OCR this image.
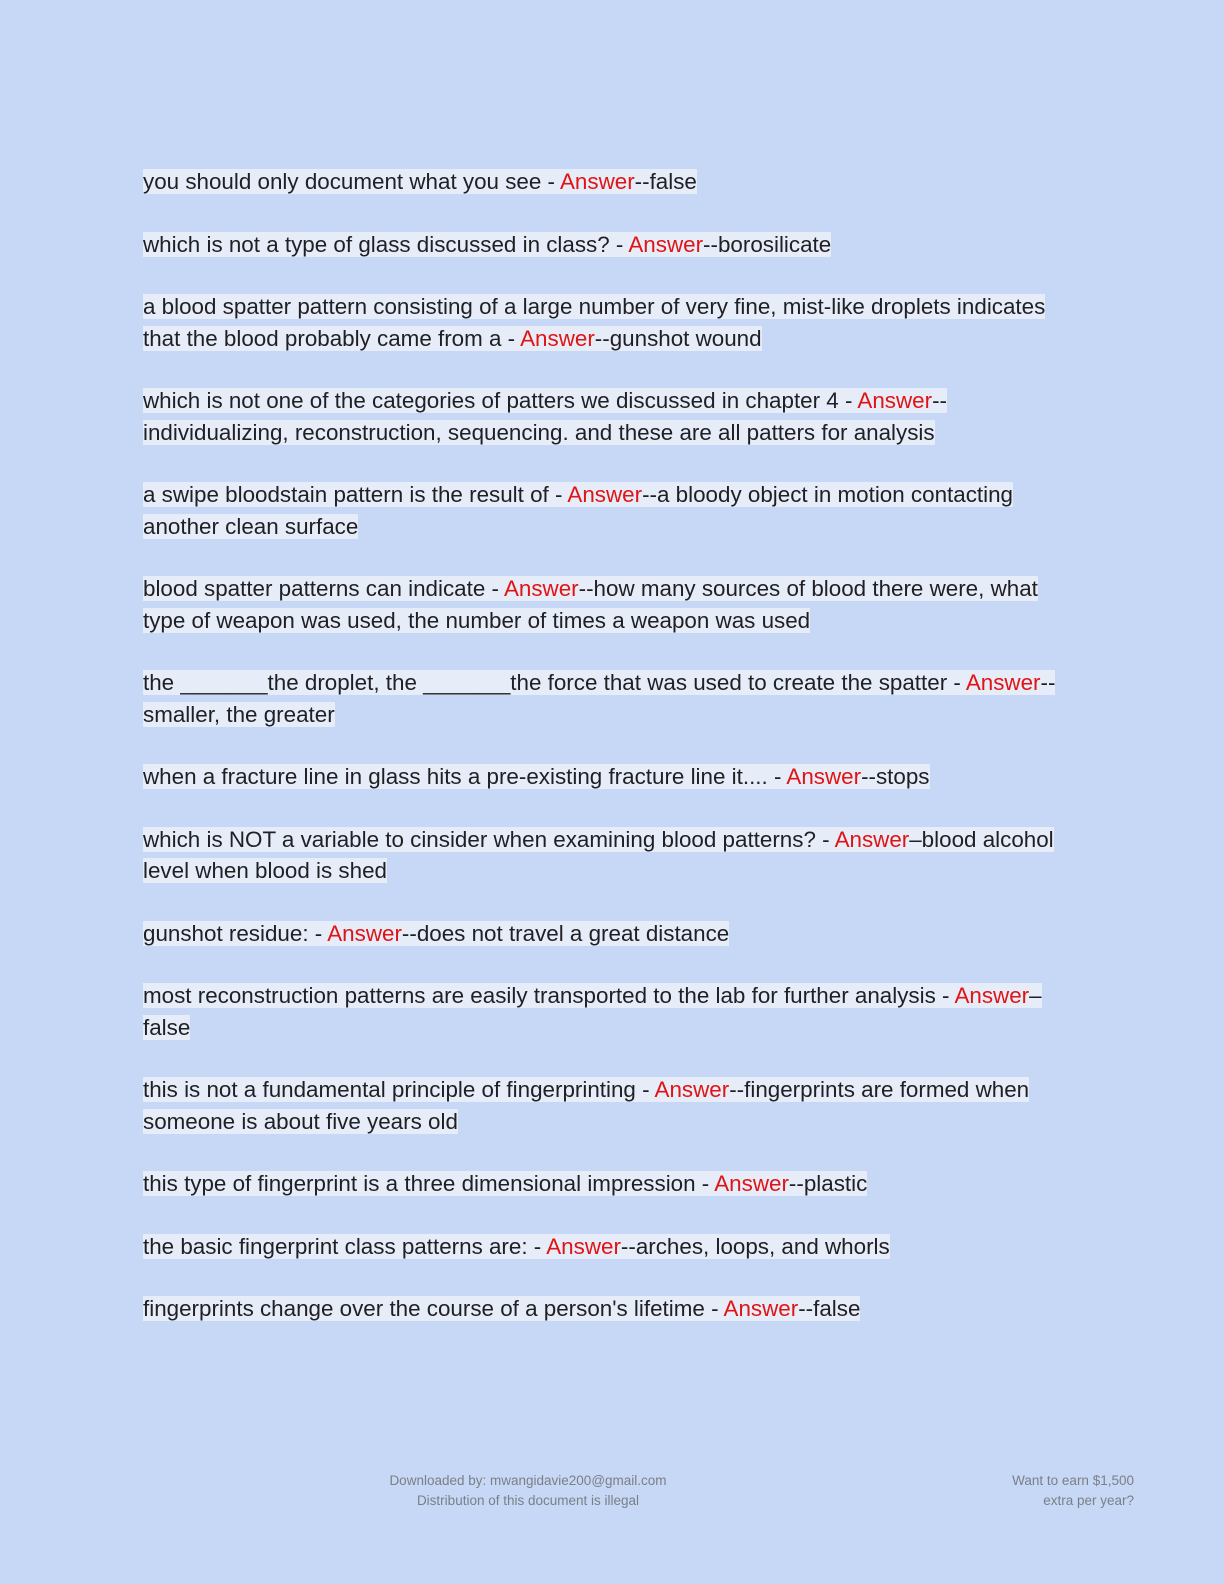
you should only document what you see - Answer--false

which is not a type of glass discussed in class? - Answer--borosilicate

a blood spatter pattern consisting of a large number of very fine, mist-like droplets indicates that the blood probably came from a - Answer--gunshot wound

which is not one of the categories of patters we discussed in chapter 4 - Answer--individualizing, reconstruction, sequencing. and these are all patters for analysis

a swipe bloodstain pattern is the result of - Answer--a bloody object in motion contacting another clean surface

blood spatter patterns can indicate - Answer--how many sources of blood there were, what type of weapon was used, the number of times a weapon was used

the _______the droplet, the _______the force that was used to create the spatter - Answer--smaller, the greater

when a fracture line in glass hits a pre-existing fracture line it.... - Answer--stops

which is NOT a variable to cinsider when examining blood patterns? - Answer–blood alcohol level when blood is shed

gunshot residue: - Answer--does not travel a great distance

most reconstruction patterns are easily transported to the lab for further analysis - Answer–false

this is not a fundamental principle of fingerprinting - Answer--fingerprints are formed when someone is about five years old

this type of fingerprint is a three dimensional impression - Answer--plastic

the basic fingerprint class patterns are: - Answer--arches, loops, and whorls

fingerprints change over the course of a person's lifetime - Answer--false

Downloaded by: mwangidavie200@gmail.com
Distribution of this document is illegal
Want to earn $1,500
extra per year?
